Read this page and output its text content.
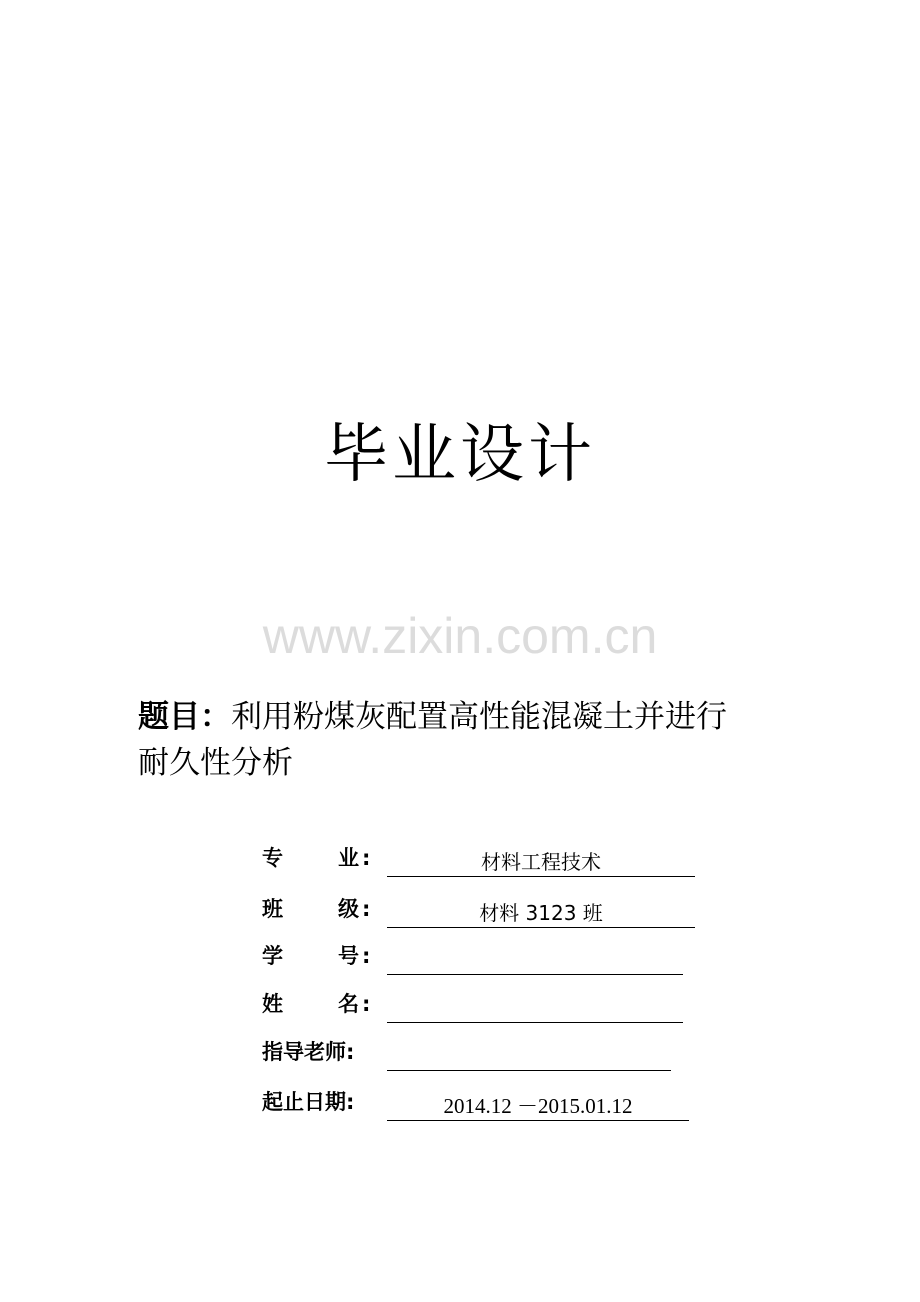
毕业设计
www.zixin.com.cn
题目：利用粉煤灰配置高性能混凝土并进行
耐久性分析
专	业 :	材料工程技术
班	级 :	材料 3123 班
学	号 :
姓	名 :
指导老师:
起止日期:	2014.12 －2015.01.12
